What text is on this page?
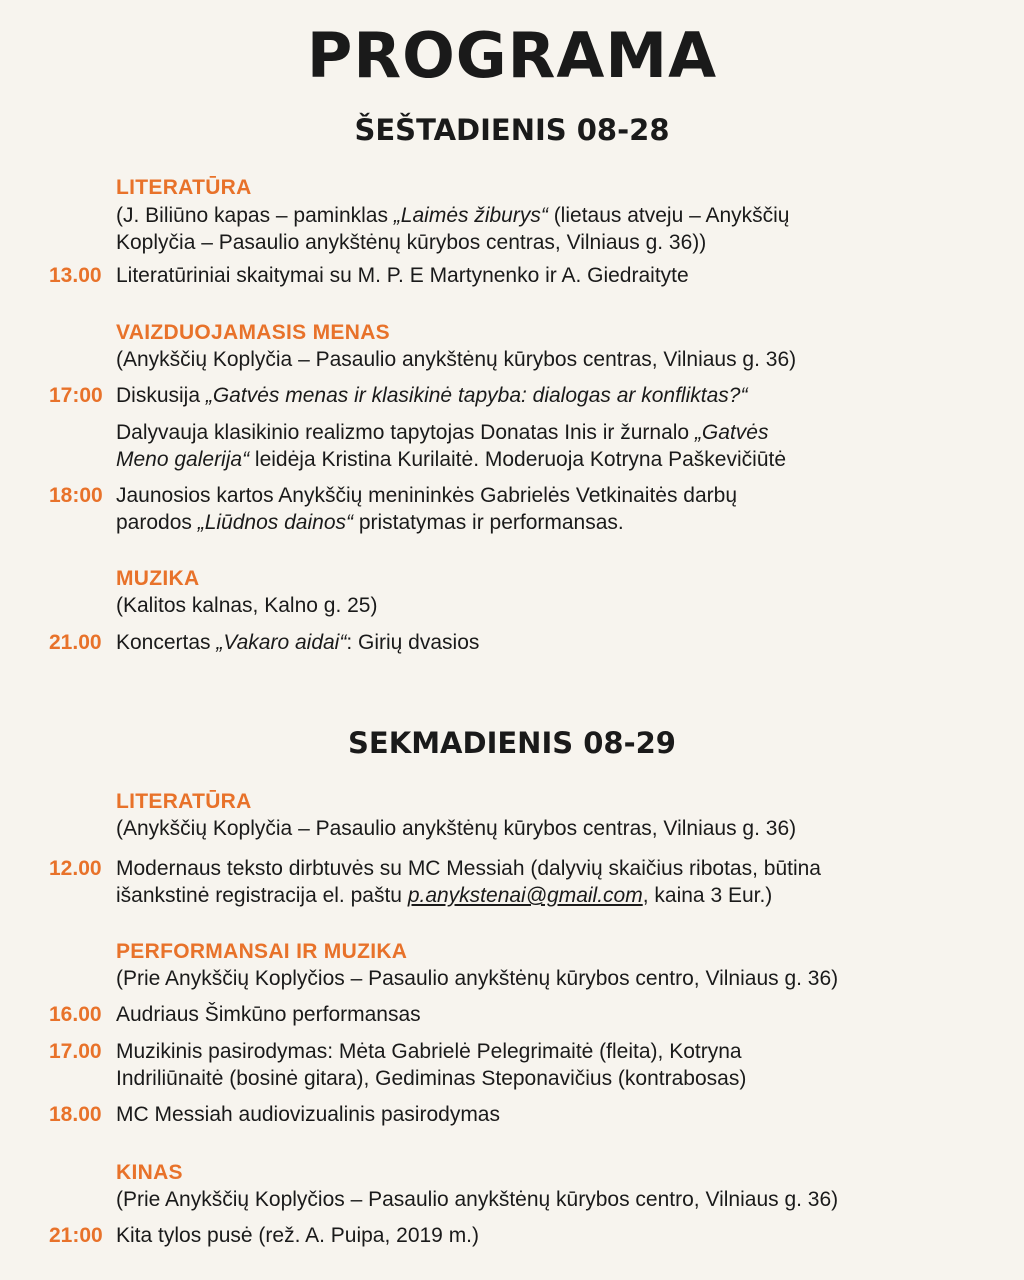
PROGRAMA
ŠEŠTADIENIS 08-28
LITERATŪRA
(J. Biliūno kapas – paminklas „Laimės žiburys“ (lietaus atveju – Anykščių
Koplyčia – Pasaulio anykštėnų kūrybos centras, Vilniaus g. 36))
13.00 Literatūriniai skaitymai su M. P. E Martynenko ir A. Giedraityte
VAIZDUOJAMASIS MENAS
(Anykščių Koplyčia – Pasaulio anykštėnų kūrybos centras, Vilniaus g. 36)
17:00 Diskusija „Gatvės menas ir klasikinė tapyba: dialogas ar konfliktas?“
Dalyvauja klasikinio realizmo tapytojas Donatas Inis ir žurnalo „Gatvės
Meno galerija“ leidėja Kristina Kurilaitė. Moderuoja Kotryna Paškevičiūtė
18:00 Jaunosios kartos Anykščių menininkės Gabrielės Vetkinaitės darbų
parodos „Liūdnos dainos“ pristatymas ir performansas.
MUZIKA
(Kalitos kalnas, Kalno g. 25)
21.00 Koncertas „Vakaro aidai“: Girių dvasios
SEKMADIENIS 08-29
LITERATŪRA
(Anykščių Koplyčia – Pasaulio anykštėnų kūrybos centras, Vilniaus g. 36)
12.00 Modernaus teksto dirbtuvės su MC Messiah (dalyvių skaičius ribotas, būtina
išankstinė registracija el. paštu p.anykstenai@gmail.com, kaina 3 Eur.)
PERFORMANSAI IR MUZIKA
(Prie Anykščių Koplyčios – Pasaulio anykštėnų kūrybos centro, Vilniaus g. 36)
16.00 Audriaus Šimkūno performansas
17.00 Muzikinis pasirodymas: Mėta Gabrielė Pelegrimaitė (fleita), Kotryna
Indriliūnaitė (bosinė gitara), Gediminas Steponavičius (kontrabosas)
18.00 MC Messiah audiovizualinis pasirodymas
KINAS
(Prie Anykščių Koplyčios – Pasaulio anykštėnų kūrybos centro, Vilniaus g. 36)
21:00 Kita tylos pusė (rež. A. Puipa, 2019 m.)
